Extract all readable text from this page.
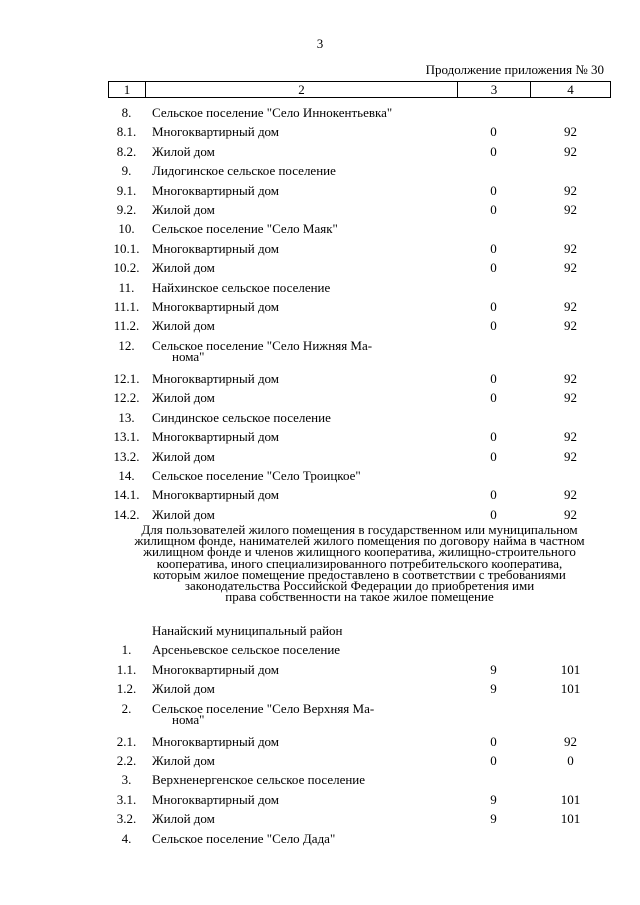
3
Продолжение приложения № 30
1	2	3	4
8.	Сельское поселение "Село Иннокентьевка"
8.1.	Многоквартирный дом	0	92
8.2.	Жилой дом	0	92
9.	Лидогинское сельское поселение
9.1.	Многоквартирный дом	0	92
9.2.	Жилой дом	0	92
10.	Сельское поселение "Село Маяк"
10.1. Многоквартирный дом	0	92
10.2. Жилой дом	0	92
11.	Найхинское сельское поселение
11.1. Многоквартирный дом	0	92
11.2. Жилой дом	0	92
12.	Сельское поселение "Село Нижняя Ма-
нома"
12.1. Многоквартирный дом	0	92
12.2. Жилой дом	0	92
13.	Синдинское сельское поселение
13.1. Многоквартирный дом	0	92
13.2. Жилой дом	0	92
14.	Сельское поселение "Село Троицкое"
14.1. Многоквартирный дом	0	92
14.2. Жилой дом	0	92
Для пользователей жилого помещения в государственном или муниципальном
жилищном фонде, нанимателей жилого помещения по договору найма в частном
жилищном фонде и членов жилищного кооператива, жилищно-строительного
кооператива, иного специализированного потребительского кооператива,
которым жилое помещение предоставлено в соответствии с требованиями
законодательства Российской Федерации до приобретения ими
права собственности на такое жилое помещение
Нанайский муниципальный район
1.	Арсеньевское сельское поселение
1.1.	Многоквартирный дом	9	101
1.2.	Жилой дом	9	101
2.	Сельское поселение "Село Верхняя Ма-
нома"
2.1.	Многоквартирный дом	0	92
2.2.	Жилой дом	0	0
3.	Верхненергенское сельское поселение
3.1.	Многоквартирный дом	9	101
3.2.	Жилой дом	9	101
4.	Сельское поселение "Село Дада"
